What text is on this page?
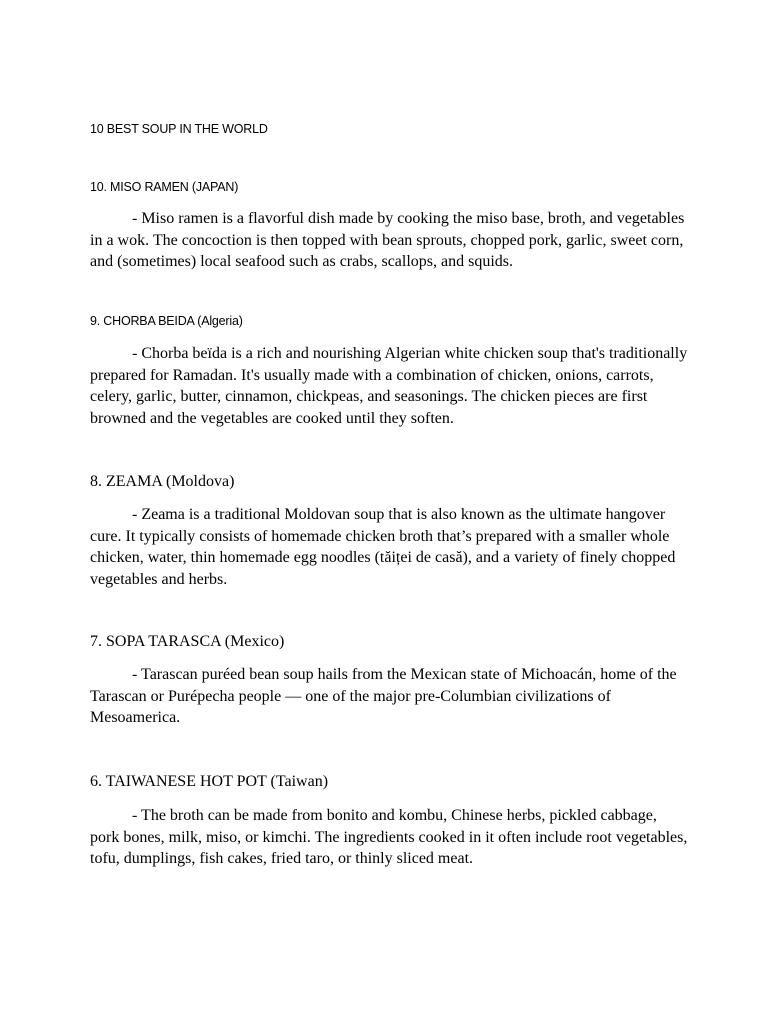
10 BEST SOUP IN THE WORLD
10. MISO RAMEN (JAPAN)

- Miso ramen is a flavorful dish made by cooking the miso base, broth, and vegetables in a wok. The concoction is then topped with bean sprouts, chopped pork, garlic, sweet corn, and (sometimes) local seafood such as crabs, scallops, and squids.

9. CHORBA BEIDA (Algeria)

- Chorba beïda is a rich and nourishing Algerian white chicken soup that's traditionally prepared for Ramadan. It's usually made with a combination of chicken, onions, carrots, celery, garlic, butter, cinnamon, chickpeas, and seasonings. The chicken pieces are first browned and the vegetables are cooked until they soften.

8. ZEAMA (Moldova)

- Zeama is a traditional Moldovan soup that is also known as the ultimate hangover cure. It typically consists of homemade chicken broth that’s prepared with a smaller whole chicken, water, thin homemade egg noodles (tăiței de casă), and a variety of finely chopped vegetables and herbs.

7. SOPA TARASCA (Mexico)

- Tarascan puréed bean soup hails from the Mexican state of Michoacán, home of the Tarascan or Purépecha people — one of the major pre-Columbian civilizations of Mesoamerica.

6. TAIWANESE HOT POT (Taiwan)

- The broth can be made from bonito and kombu, Chinese herbs, pickled cabbage, pork bones, milk, miso, or kimchi. The ingredients cooked in it often include root vegetables, tofu, dumplings, fish cakes, fried taro, or thinly sliced meat.
